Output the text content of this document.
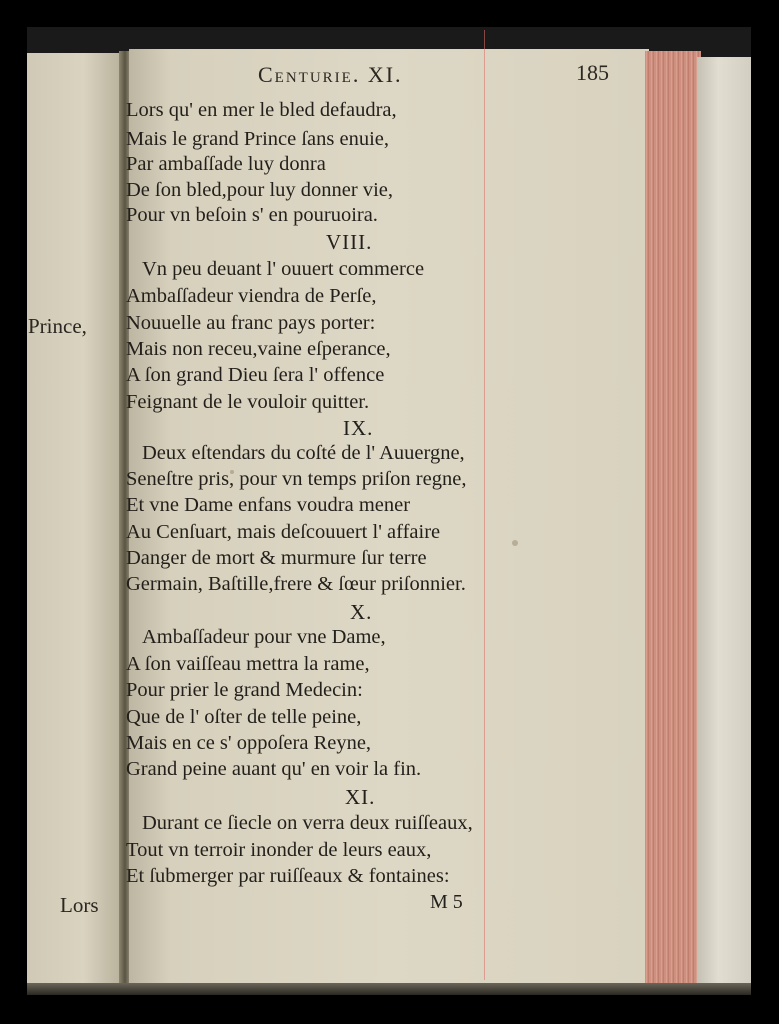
Prince,
Lors
Centurie. XI.	185
Lors qu' en mer le bled defaudra,
Mais le grand Prince ſans enuie,
Par ambaſſade luy donra
De ſon bled,pour luy donner vie,
Pour vn beſoin s' en pouruoira.
VIII.
Vn peu deuant l' ouuert commerce
Ambaſſadeur viendra de Perſe,
Nouuelle au franc pays porter:
Mais non receu,vaine eſperance,
A ſon grand Dieu ſera l' offence
Feignant de le vouloir quitter.
IX.
Deux eſtendars du coſté de l' Auuergne,
Seneſtre pris, pour vn temps priſon regne,
Et vne Dame enfans voudra mener
Au Cenſuart, mais deſcouuert l' affaire
Danger de mort & murmure ſur terre
Germain, Baſtille,frere & ſœur priſonnier.
X.
Ambaſſadeur pour vne Dame,
A ſon vaiſſeau mettra la rame,
Pour prier le grand Medecin:
Que de l' oſter de telle peine,
Mais en ce s' oppoſera Reyne,
Grand peine auant qu' en voir la fin.
XI.
Durant ce ſiecle on verra deux ruiſſeaux,
Tout vn terroir inonder de leurs eaux,
Et ſubmerger par ruiſſeaux & fontaines:
M 5
